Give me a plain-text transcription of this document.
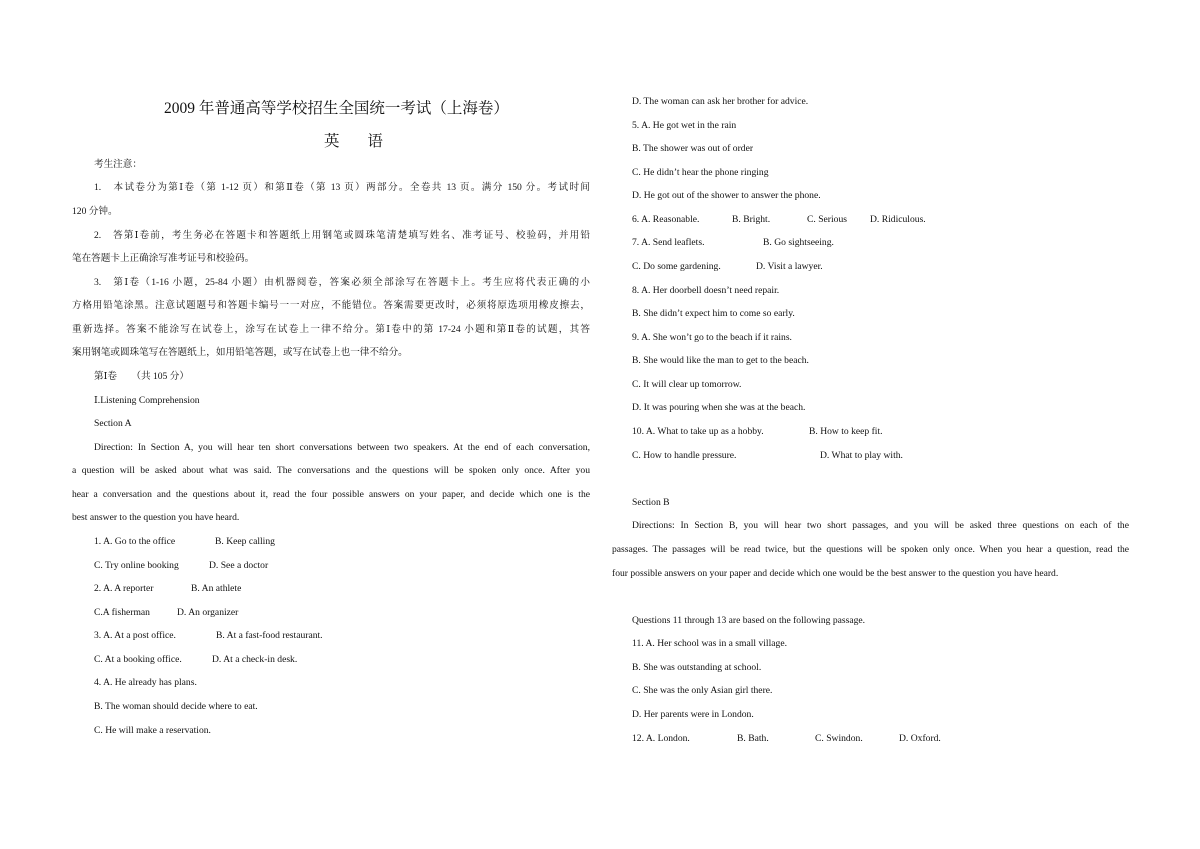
2009 年普通高等学校招生全国统一考试（上海卷）
英 语
考生注意：
1.　本试卷分为第Ⅰ卷（第 1-12 页）和第Ⅱ卷（第 13 页）两部分。全卷共 13 页。满分 150 分。考试时间
120 分钟。
2.　答第Ⅰ卷前，考生务必在答题卡和答题纸上用钢笔或圆珠笔清楚填写姓名、准考证号、校验码，并用铅
笔在答题卡上正确涂写准考证号和校验码。
3.　第Ⅰ卷（1-16 小题，25-84 小题）由机器阅卷，答案必须全部涂写在答题卡上。考生应将代表正确的小
方格用铅笔涂黑。注意试题题号和答题卡编号一一对应，不能错位。答案需要更改时，必须将原选项用橡皮擦去，
重新选择。答案不能涂写在试卷上，涂写在试卷上一律不给分。第Ⅰ卷中的第 17-24 小题和第Ⅱ卷的试题，其答
案用钢笔或圆珠笔写在答题纸上，如用铅笔答题，或写在试卷上也一律不给分。
第Ⅰ卷　　（共 105 分）
Ⅰ.Listening Comprehension
Section A
Direction: In Section A, you will hear ten short conversations between two speakers. At the end of each conversation,
a question will be asked about what was said. The conversations and the questions will be spoken only once. After you
hear a conversation and the questions about it, read the four possible answers on your paper, and decide which one is the
best answer to the question you have heard.
1. A. Go to the office	B. Keep calling
C. Try online booking	D. See a doctor
2. A. A reporter	B. An athlete
C.A fisherman	D. An organizer
3. A. At a post office.	B. At a fast-food restaurant.
C. At a booking office.	D. At a check-in desk.
4. A. He already has plans.
B. The woman should decide where to eat.
C. He will make a reservation.
D. The woman can ask her brother for advice.
5. A. He got wet in the rain
B. The shower was out of order
C. He didn’t hear the phone ringing
D. He got out of the shower to answer the phone.
6. A. Reasonable.	B. Bright.	C. Serious D. Ridiculous.
7. A. Send leaflets.	B. Go sightseeing.
C. Do some gardening.	D. Visit a lawyer.
8. A. Her doorbell doesn’t need repair.
B. She didn’t expect him to come so early.
9. A. She won’t go to the beach if it rains.
B. She would like the man to get to the beach.
C. It will clear up tomorrow.
D. It was pouring when she was at the beach.
10. A. What to take up as a hobby.	B. How to keep fit.
C. How to handle pressure.	D. What to play with.
Section B
Directions: In Section B, you will hear two short passages, and you will be asked three questions on each of the
passages. The passages will be read twice, but the questions will be spoken only once. When you hear a question, read the
four possible answers on your paper and decide which one would be the best answer to the question you have heard.
Questions 11 through 13 are based on the following passage.
11. A. Her school was in a small village.
B. She was outstanding at school.
C. She was the only Asian girl there.
D. Her parents were in London.
12. A. London.	B. Bath.	C. Swindon.	D. Oxford.
